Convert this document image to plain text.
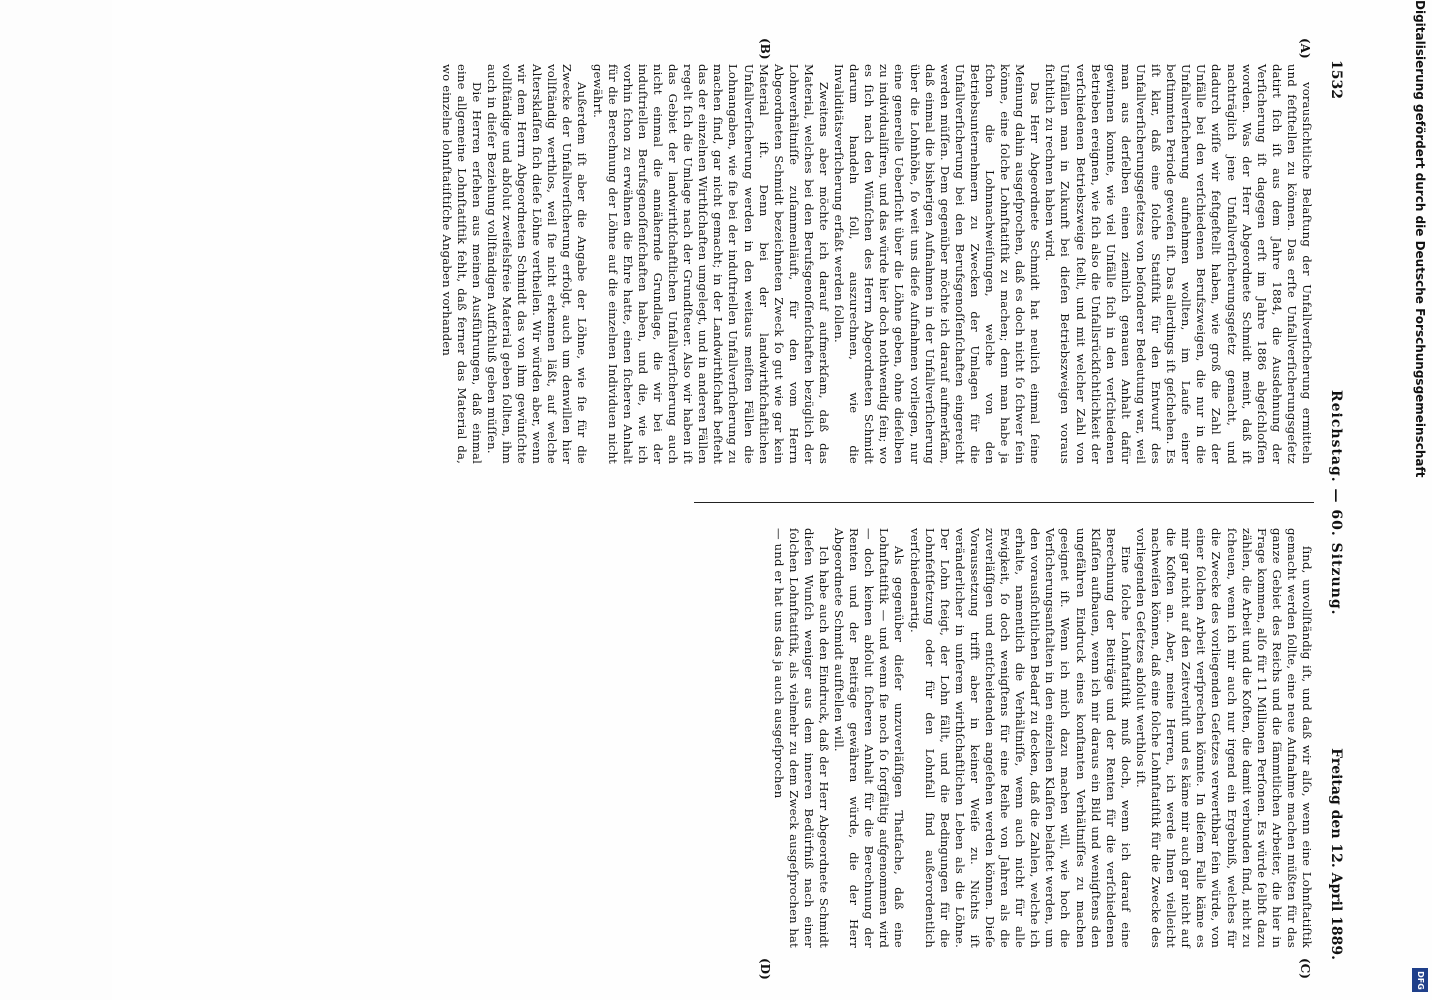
1532
Reichstag. — 60. Sitzung.
Freitag den 12. April 1889.
(A)
(B)
(C)
(D)

vorausſichtliche Belaſtung der Unfallverſicherung ermitteln und feſtſtellen zu können. Das erſte Unfallverſicherungsgeſetz datirt ſich iſt aus dem Jahre 1884, die Ausdehnung der Verſicherung iſt dagegen erſt im Jahre 1886 abgeſchloſſen worden. Was der Herr Abgeordnete Schmidt meint, daß iſt nachträglich jene Unfallverſicherungsgeſetz gemacht, und dadurch wiſſe wir feſtgeſtellt haben, wie groß die Zahl der Unfälle bei den verſchiedenen Berufszweigen, die nur in die Unfallverſicherung aufnehmen wollten, im Laufe einer beſtimmten Periode geweſen iſt. Das allerdings iſt geſchehen. Es iſt klar, daß eine ſolche Statiſtik für den Entwurf des Unfallverſicherungsgeſetzes von beſonderer Bedeutung war, weil man aus derſelben einen ziemlich genauen Anhalt dafür gewinnen konnte, wie viel Unfälle ſich in den verſchiedenen Betrieben ereignen, wie ſich also die Unfallsrückſichtlichkeit der verſchiedenen Betriebszweige ſtellt, und mit welcher Zahl von Unfällen man in Zukunft bei dieſen Betriebszweigen voraus ſichtlich zu rechnen haben wird.

Das Herr Abgeordnete Schmidt hat neulich einmal ſeine Meinung dahin ausgeſprochen, daß es doch nicht ſo ſchwer ſein könne, eine ſolche Lohnſtatiſtik zu machen; denn man habe ja ſchon die Lohnnachweiſungen, welche von den Betriebsunternehmern zu Zwecken der Umlagen für die Unfallverſicherung bei den Berufsgenoſſenſchaften eingereicht werden müſſen. Dem gegenüber möchte ich darauf aufmerkſam, daß einmal die bisherigen Aufnahmen in der Unfallverſicherung über die Lohnhöhe, ſo weit uns dieſe Aufnahmen vorliegen, nur eine generelle Ueberſicht über die Löhne geben, ohne dieſelben zu individualiſiren, und das würde hier doch nothwendig ſein; wo es ſich nach den Wünſchen des Herrn Abgeordneten Schmidt darum handeln ſoll, auszurechnen, wie die Invaliditätsverſicherung erfaßt werden ſollen.

Zweitens aber möchte ich darauf aufmerkſam, daß das Material, welches bei den Berufsgenoſſenſchaften bezüglich der Lohnverhältniſſe zuſammenläuft, für den vom Herrn Abgeordneten Schmidt bezeichneten Zweck ſo gut wie gar kein Material iſt. Denn bei der landwirthſchaftlichen Unfallverſicherung werden in den weitaus meiſten Fällen die Lohnangaben, wie ſie bei der induſtriellen Unfallverſicherung zu machen ſind, gar nicht gemacht; in der Landwirthſchaft beſteht das der einzelnen Wirthſchaften umgelegt, und in anderen Fällen regelt ſich die Umlage nach der Grundſteuer. Also wir haben iſt das Gebiet der landwirthſchaftlichen Unfallverſicherung auch nicht einmal die annähernde Grundlage, die wir bei der induſtriellen Berufsgenoſſenſchaften haben, und die, wie ich vorhin ſchon zu erwähnen die Ehre hatte, einen ſicheren Anhalt für die Berechnung der Löhne auf die einzelnen Individuen nicht gewährt.

Außerdem iſt aber die Angabe der Löhne, wie ſie für die Zwecke der Unfallverſicherung erfolgt, auch um denwillen hier vollſtändig werthlos, weil ſie nicht erkennen läßt, auf welche Altersklaſſen ſich dieſe Löhne vertheilen. Wir würden aber, wenn wir dem Herrn Abgeordneten Schmidt das von ihm gewünſchte vollſtändige und abſolut zweifelsfreie Material geben ſollten, ihm auch in dieſer Beziehung vollſtändigen Aufſchluß geben müſſen.

Die Herren erſehen aus meinen Ausführungen, daß einmal eine allgemeine Lohnſtatiſtik fehlt, daß ferner das Material da, wo einzelne lohnſtatiſtiſche Angaben vorhanden

ſind, unvollſtändig iſt, und daß wir alſo, wenn eine Lohnſtatiſtik gemacht werden ſollte, eine neue Aufnahme machen müßten für das ganze Gebiet des Reichs und die ſämmtlichen Arbeiter, die hier in Frage kommen, alſo für 11 Millionen Perſonen. Es würde ſelbſt dazu zählen, die Arbeit und die Koſten, die damit verbunden ſind, nicht zu ſcheuen, wenn ich mir auch nur irgend ein Ergebniß, welches für die Zwecke des vorliegenden Geſetzes verwerthbar ſein würde, von einer ſolchen Arbeit verſprechen könnte. In dieſem Falle käme es mir gar nicht auf den Zeitverluſt und es käme mir auch gar nicht auf die Koſten an. Aber, meine Herren, ich werde Ihnen vielleicht nachweiſen können, daß eine ſolche Lohnſtatiſtik für die Zwecke des vorliegenden Geſetzes abſolut werthlos iſt.

Eine ſolche Lohnſtatiſtik muß doch, wenn ich darauf eine Berechnung der Beiträge und der Renten für die verſchiedenen Klaſſen aufbauen, wenn ich mir daraus ein Bild und wenigſtens den ungefähren Eindruck eines konſtanten Verhältniſſes zu machen geeignet iſt. Wenn ich mich dazu machen will, wie hoch die Verſicherungsanſtalten in den einzelnen Klaſſen belaſtet werden, um den vorausſichtlichen Bedarf zu decken, daß die Zahlen, welche ich erhalte, namentlich die Verhältniſſe, wenn auch nicht für alle Ewigkeit, ſo doch wenigſtens für eine Reihe von Jahren als die zuverläſſigen und entſcheidenden angeſehen werden können. Dieſe Voraussetzung trifft aber in keiner Weiſe zu. Nichts iſt veränderlicher in unſerem wirthſchaftlichen Leben als die Löhne. Der Lohn ſteigt, der Lohn fällt, und die Bedingungen für die Lohnfeſtſetzung oder für den Lohnfall ſind außerordentlich verſchiedenartig.

Als gegenüber dieſer unzuverläſſigen Thatſache, daß eine Lohnſtatiſtik — und wenn ſie noch ſo ſorgfältig aufgenommen wird — doch keinen abſolut ſicheren Anhalt für die Berechnung der Renten und der Beiträge gewähren würde, die der Herr Abgeordnete Schmidt aufſtellen will.

Ich habe auch den Eindruck, daß der Herr Abgeordnete Schmidt dieſen Wunſch weniger aus dem inneren Bedürfniß nach einer ſolchen Lohnſtatiſtik, als vielmehr zu dem Zweck ausgeſprochen hat — und er hat uns das ja auch ausgeſprochen

Digitalisierung gefördert durch die Deutsche Forschungsgemeinschaft
DFG
